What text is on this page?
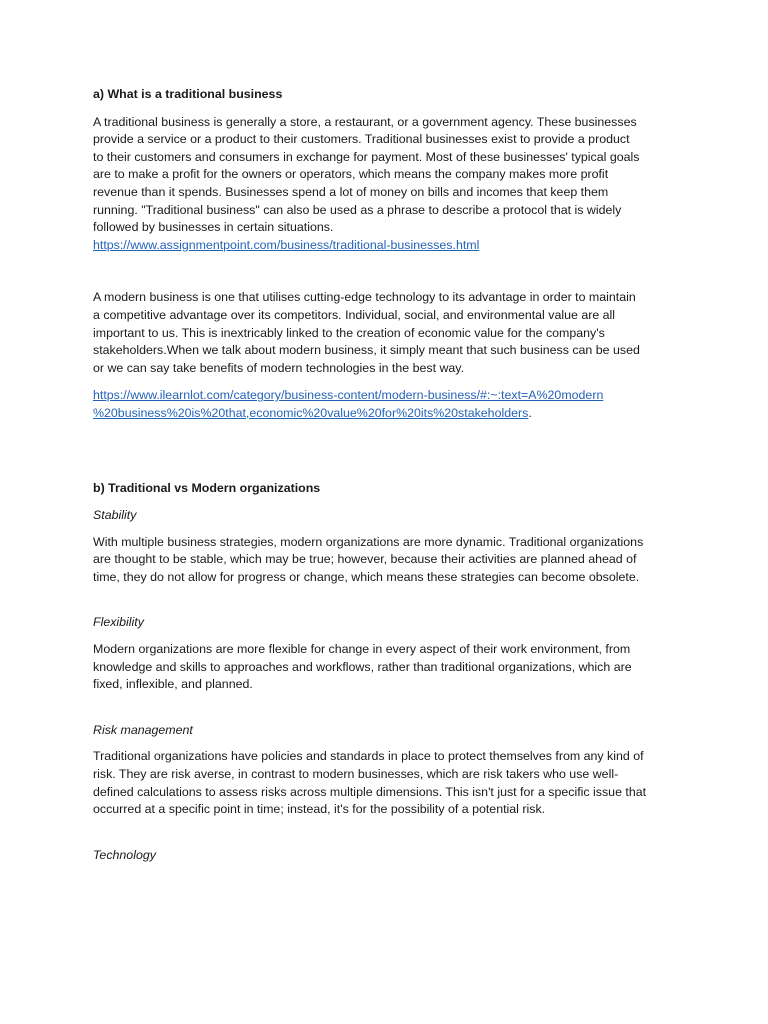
a) What is a traditional business
A traditional business is generally a store, a restaurant, or a government agency. These businesses
provide a service or a product to their customers. Traditional businesses exist to provide a product
to their customers and consumers in exchange for payment. Most of these businesses' typical goals
are to make a profit for the owners or operators, which means the company makes more profit
revenue than it spends. Businesses spend a lot of money on bills and incomes that keep them
running. "Traditional business" can also be used as a phrase to describe a protocol that is widely
followed by businesses in certain situations.
https://www.assignmentpoint.com/business/traditional-businesses.html
A modern business is one that utilises cutting-edge technology to its advantage in order to maintain
a competitive advantage over its competitors. Individual, social, and environmental value are all
important to us. This is inextricably linked to the creation of economic value for the company's
stakeholders.When we talk about modern business, it simply meant that such business can be used
or we can say take benefits of modern technologies in the best way.
https://www.ilearnlot.com/category/business-content/modern-business/#:~:text=A%20modern
%20business%20is%20that,economic%20value%20for%20its%20stakeholders.
b) Traditional vs Modern organizations
Stability
With multiple business strategies, modern organizations are more dynamic. Traditional organizations
are thought to be stable, which may be true; however, because their activities are planned ahead of
time, they do not allow for progress or change, which means these strategies can become obsolete.
Flexibility
Modern organizations are more flexible for change in every aspect of their work environment, from
knowledge and skills to approaches and workflows, rather than traditional organizations, which are
fixed, inflexible, and planned.
Risk management
Traditional organizations have policies and standards in place to protect themselves from any kind of
risk. They are risk averse, in contrast to modern businesses, which are risk takers who use well-
defined calculations to assess risks across multiple dimensions. This isn't just for a specific issue that
occurred at a specific point in time; instead, it's for the possibility of a potential risk.
Technology
